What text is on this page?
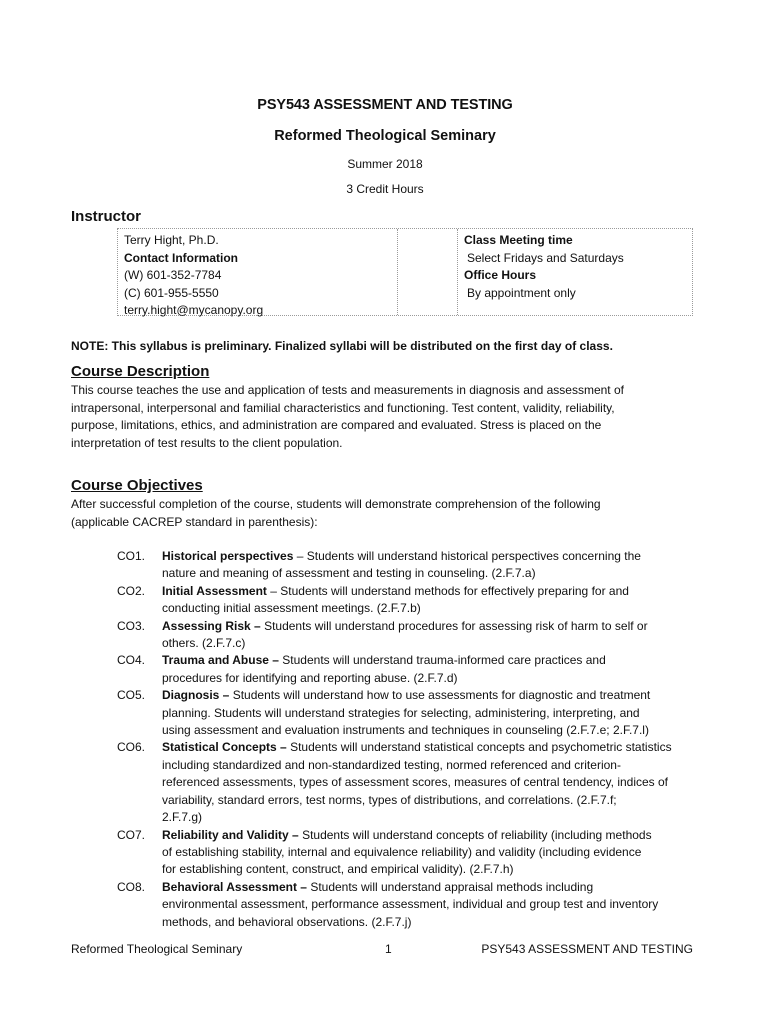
PSY543 ASSESSMENT AND TESTING
Reformed Theological Seminary
Summer 2018
3 Credit Hours
Instructor
Terry Hight, Ph.D.
Contact Information
(W) 601-352-7784
(C) 601-955-5550
terry.hight@mycanopy.org
Class Meeting time
Select Fridays and Saturdays
Office Hours
By appointment only
NOTE: This syllabus is preliminary. Finalized syllabi will be distributed on the first day of class.
Course Description
This course teaches the use and application of tests and measurements in diagnosis and assessment of
intrapersonal, interpersonal and familial characteristics and functioning. Test content, validity, reliability,
purpose, limitations, ethics, and administration are compared and evaluated. Stress is placed on the
interpretation of test results to the client population.
Course Objectives
After successful completion of the course, students will demonstrate comprehension of the following
(applicable CACREP standard in parenthesis):
CO1. Historical perspectives – Students will understand historical perspectives concerning the
nature and meaning of assessment and testing in counseling. (2.F.7.a)
CO2. Initial Assessment – Students will understand methods for effectively preparing for and
conducting initial assessment meetings. (2.F.7.b)
CO3. Assessing Risk – Students will understand procedures for assessing risk of harm to self or
others. (2.F.7.c)
CO4. Trauma and Abuse – Students will understand trauma-informed care practices and
procedures for identifying and reporting abuse. (2.F.7.d)
CO5. Diagnosis – Students will understand how to use assessments for diagnostic and treatment
planning. Students will understand strategies for selecting, administering, interpreting, and
using assessment and evaluation instruments and techniques in counseling (2.F.7.e; 2.F.7.l)
CO6. Statistical Concepts – Students will understand statistical concepts and psychometric statistics
including standardized and non-standardized testing, normed referenced and criterion-
referenced assessments, types of assessment scores, measures of central tendency, indices of
variability, standard errors, test norms, types of distributions, and correlations. (2.F.7.f;
2.F.7.g)
CO7. Reliability and Validity – Students will understand concepts of reliability (including methods
of establishing stability, internal and equivalence reliability) and validity (including evidence
for establishing content, construct, and empirical validity). (2.F.7.h)
CO8. Behavioral Assessment – Students will understand appraisal methods including
environmental assessment, performance assessment, individual and group test and inventory
methods, and behavioral observations. (2.F.7.j)
Reformed Theological Seminary	1	PSY543 ASSESSMENT AND TESTING
